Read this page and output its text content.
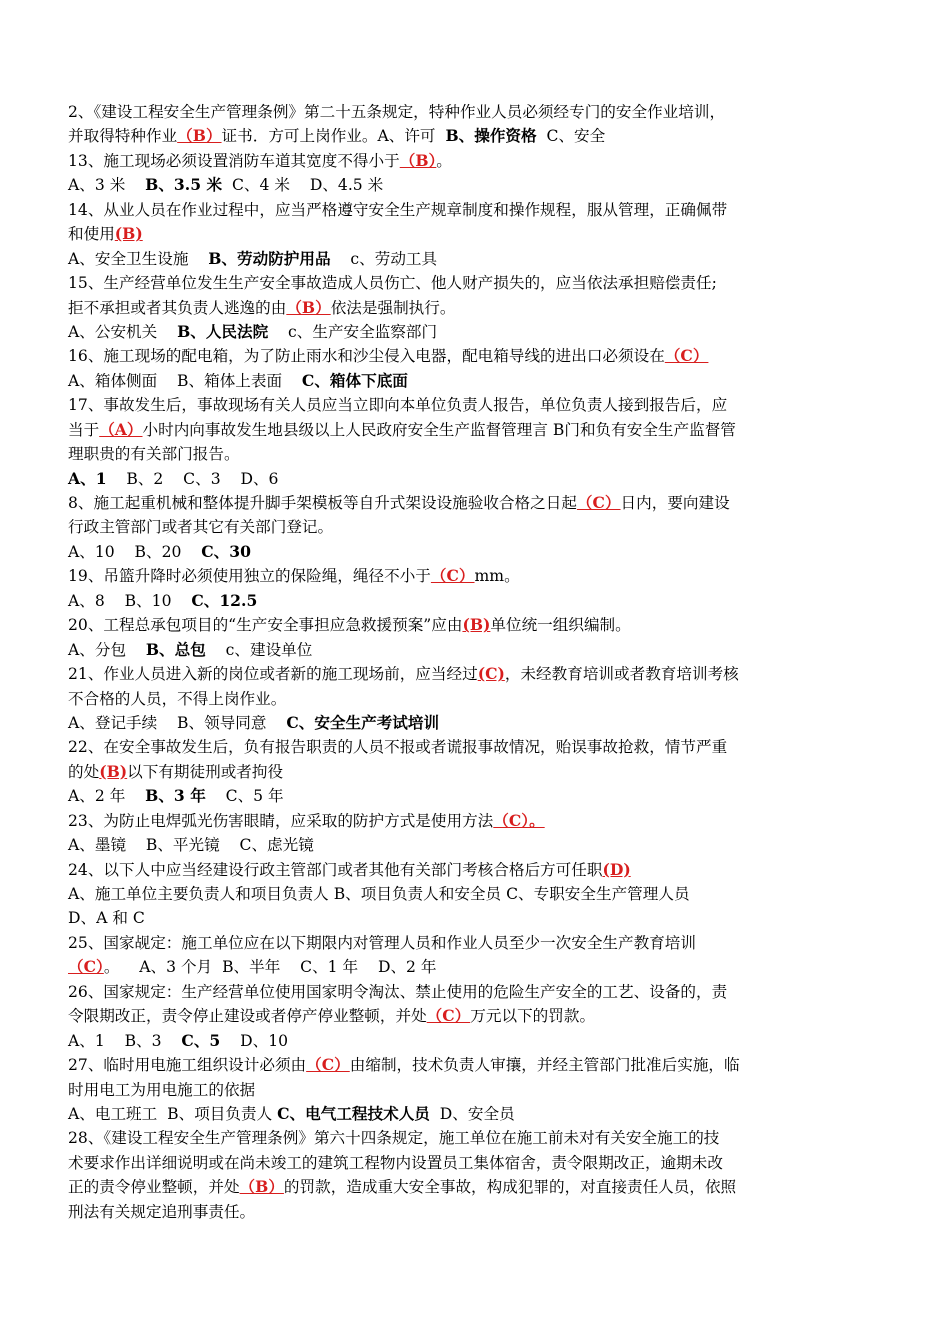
2、《建设工程安全生产管理条例》第二十五条规定，特种作业人员必须经专门的安全作业培训，
并取得特种作业（B）证书．方可上岗作业。A、许可  B、操作资格  C、安全
13、施工现场必须设置消防车道其宽度不得小于（B）。
A、3 米    B、3.5 米  C、4 米    D、4.5 米
14、从业人员在作业过程中，应当严格遵守安全生产规章制度和操作规程，服从管理，正确佩带
和使用(B)
A、安全卫生设施    B、劳动防护用品    c、劳动工具
15、生产经营单位发生生产安全事故造成人员伤亡、他人财产损失的，应当依法承担赔偿责任;
拒不承担或者其负责人逃逸的由（B）依法是强制执行。
A、公安机关    B、人民法院    c、生产安全监察部门
16、施工现场的配电箱，为了防止雨水和沙尘侵入电器，配电箱导线的进出口必须设在（C）
A、箱体侧面    B、箱体上表面    C、箱体下底面
17、事故发生后，事故现场有关人员应当立即向本单位负责人报告，单位负责人接到报告后，应
当于（A）小时内向事故发生地县级以上人民政府安全生产监督管理言 B门和负有安全生产监督管
理职贵的有关部门报告。
A、1    B、2    C、3    D、6
8、施工起重机械和整体提升脚手架模板等自升式架设设施验收合格之日起（C）日内，要向建设
行政主管部门或者其它有关部门登记。
A、10    B、20    C、30
19、吊篮升降时必须使用独立的保险绳，绳径不小于（C）mm。
A、8    B、10    C、12.5
20、工程总承包项目的“生产安全事担应急救援预案”应由(B)单位统一组织编制。
A、分包    B、总包    c、建设单位
21、作业人员进入新的岗位或者新的施工现场前，应当经过(C)，未经教育培训或者教育培训考核
不合格的人员，不得上岗作业。
A、登记手续    B、领导同意    C、安全生产考试培训
22、在安全事故发生后，负有报告职责的人员不报或者谎报事故情况，贻误事故抢救，情节严重
的处(B)以下有期徒刑或者拘役
A、2 年    B、3 年    C、5 年
23、为防止电焊弧光伤害眼睛，应采取的防护方式是使用方法（C）。
A、墨镜    B、平光镜    C、虑光镜
24、以下人中应当经建设行政主管部门或者其他有关部门考核合格后方可任职(D)
A、施工单位主要负责人和项目负责人 B、项目负责人和安全员 C、专职安全生产管理人员
D、A 和 C
25、国家觇定：施工单位应在以下期限内对管理人员和作业人员至少一次安全生产教育培训
（C）。    A、3 个月  B、半年    C、1 年    D、2 年
26、国家规定：生产经营单位使用国家明令淘汰、禁止使用的危险生产安全的工艺、设备的，责
令限期改正，责令停止建设或者停产停业整顿，并处（C）万元以下的罚款。
A、1    B、3    C、5    D、10
27、临时用电施工组织设计必须由（C）由缩制，技术负责人审攘，并经主管部门批准后实施，临
时用电工为用电施工的依据
A、电工班工  B、项目负责人 C、电气工程技术人员  D、安全员
28、《建设工程安全生产管理条例》第六十四条规定，施工单位在施工前未对有关安全施工的技
术要求作出详细说明或在尚未竣工的建筑工程物内设置员工集体宿舍，责令限期改正，逾期未改
正的责令停业整顿，并处（B）的罚款，造成重大安全事故，构成犯罪的，对直接责任人员，依照
刑法有关规定追刑事责任。
